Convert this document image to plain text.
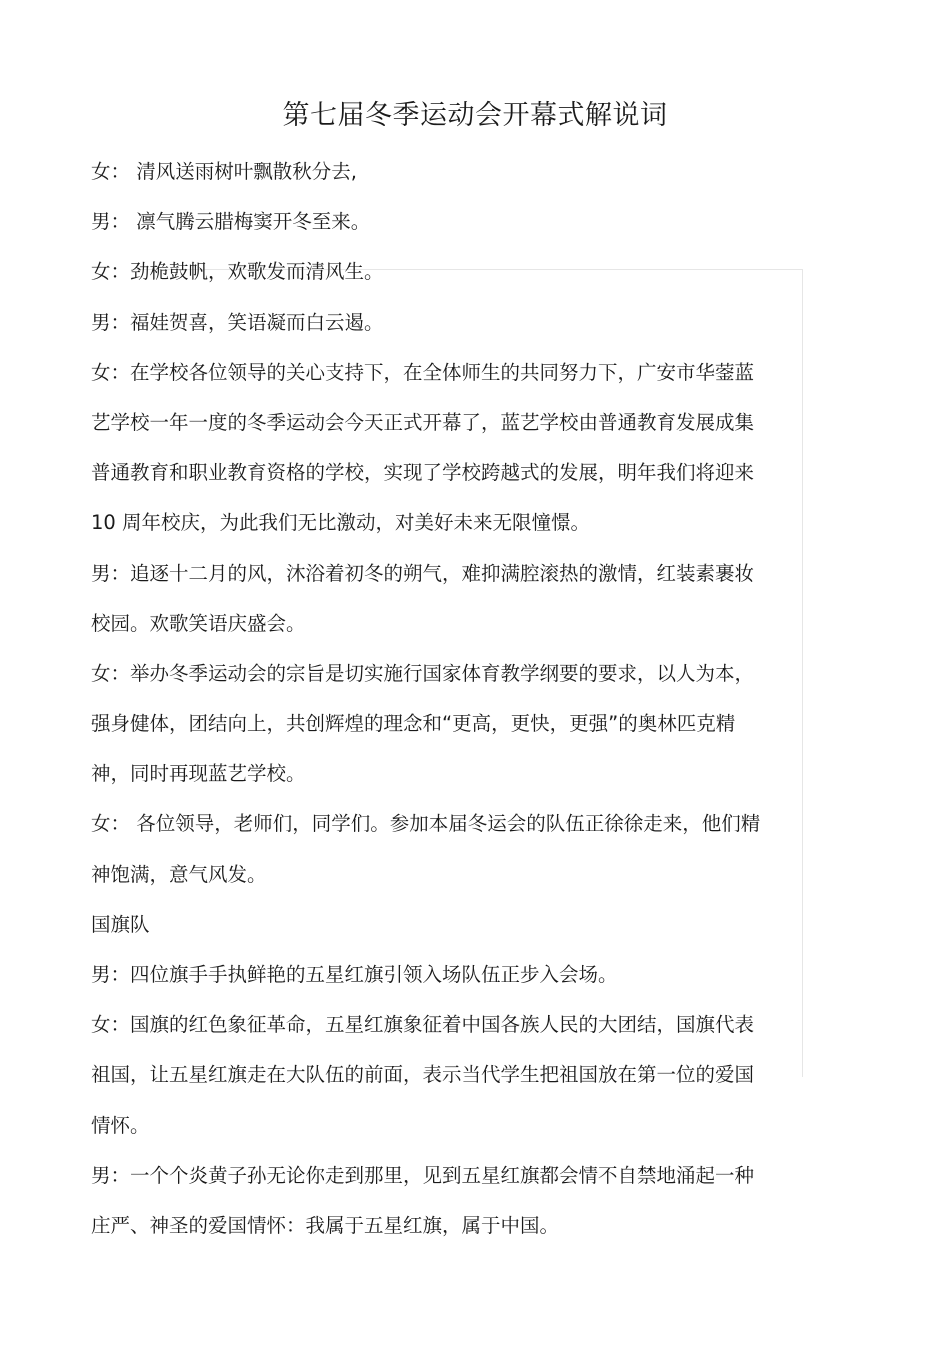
第七届冬季运动会开幕式解说词
女： 清风送雨树叶飘散秋分去,
男： 凛气腾云腊梅窦开冬至来。
女：劲桅鼓帆，欢歌发而清风生。
男：福娃贺喜，笑语凝而白云遏。
女：在学校各位领导的关心支持下，在全体师生的共同努力下，广安市华蓥蓝
艺学校一年一度的冬季运动会今天正式开幕了，蓝艺学校由普通教育发展成集
普通教育和职业教育资格的学校，实现了学校跨越式的发展，明年我们将迎来
10 周年校庆，为此我们无比激动，对美好未来无限憧憬。
男：追逐十二月的风，沐浴着初冬的朔气，难抑满腔滚热的激情，红装素裹妆
校园。欢歌笑语庆盛会。
女：举办冬季运动会的宗旨是切实施行国家体育教学纲要的要求，以人为本，
强身健体，团结向上，共创辉煌的理念和“更高，更快，更强”的奥林匹克精
神，同时再现蓝艺学校。
女： 各位领导，老师们，同学们。参加本届冬运会的队伍正徐徐走来，他们精
神饱满，意气风发。
国旗队
男：四位旗手手执鲜艳的五星红旗引领入场队伍正步入会场。
女：国旗的红色象征革命，五星红旗象征着中国各族人民的大团结，国旗代表
祖国，让五星红旗走在大队伍的前面，表示当代学生把祖国放在第一位的爱国
情怀。
男：一个个炎黄子孙无论你走到那里，见到五星红旗都会情不自禁地涌起一种
庄严、神圣的爱国情怀：我属于五星红旗，属于中国。
